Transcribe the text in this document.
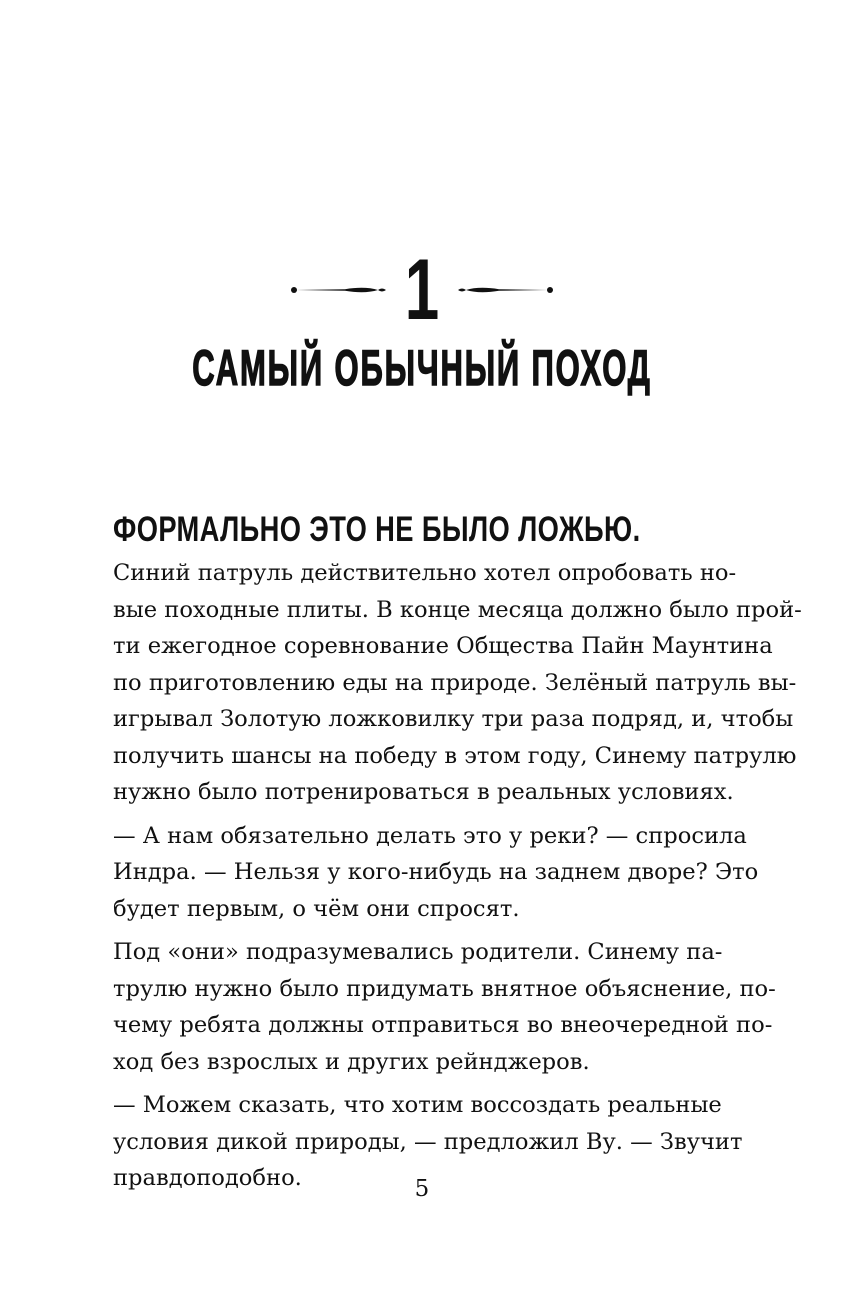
1
САМЫЙ ОБЫЧНЫЙ ПОХОД
ФОРМАЛЬНО ЭТО НЕ БЫЛО ЛОЖЬЮ.

Синий патруль действительно хотел опробовать но-
вые походные плиты. В конце месяца должно было прой-
ти ежегодное соревнование Общества Пайн Маунтина
по приготовлению еды на природе. Зелёный патруль вы-
игрывал Золотую ложковилку три раза подряд, и, чтобы
получить шансы на победу в этом году, Синему патрулю
нужно было потренироваться в реальных условиях.

— А нам обязательно делать это у реки? — спросила
Индра. — Нельзя у кого-нибудь на заднем дворе? Это
будет первым, о чём они спросят.

Под «они» подразумевались родители. Синему па-
трулю нужно было придумать внятное объяснение, по-
чему ребята должны отправиться во внеочередной по-
ход без взрослых и других рейнджеров.

— Можем сказать, что хотим воссоздать реальные
условия дикой природы, — предложил Ву. — Звучит
правдоподобно.	5
